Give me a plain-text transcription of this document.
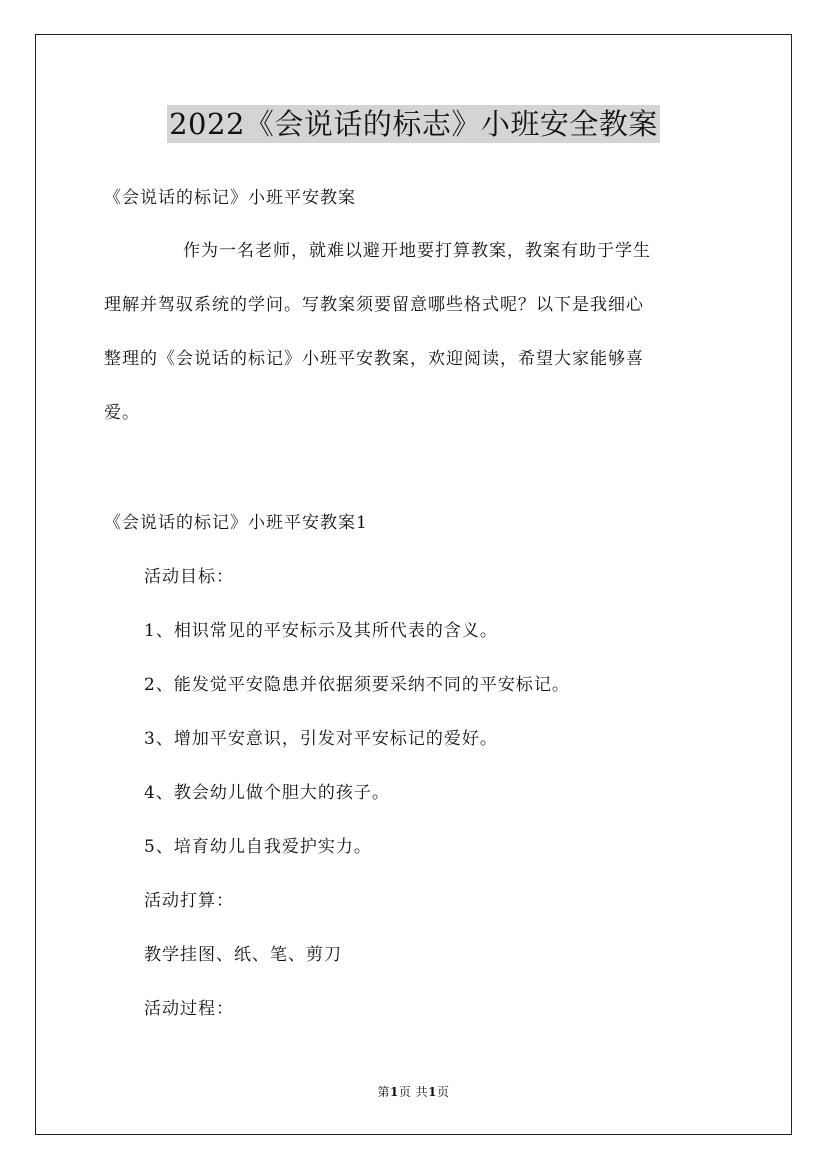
2022《会说话的标志》小班安全教案
《会说话的标记》小班平安教案
作为一名老师，就难以避开地要打算教案，教案有助于学生
理解并驾驭系统的学问。写教案须要留意哪些格式呢？以下是我细心
整理的《会说话的标记》小班平安教案，欢迎阅读，希望大家能够喜
爱。
《会说话的标记》小班平安教案1
活动目标：
1、相识常见的平安标示及其所代表的含义。
2、能发觉平安隐患并依据须要采纳不同的平安标记。
3、增加平安意识，引发对平安标记的爱好。
4、教会幼儿做个胆大的孩子。
5、培育幼儿自我爱护实力。
活动打算：
教学挂图、纸、笔、剪刀
活动过程：
第1页 共1页
